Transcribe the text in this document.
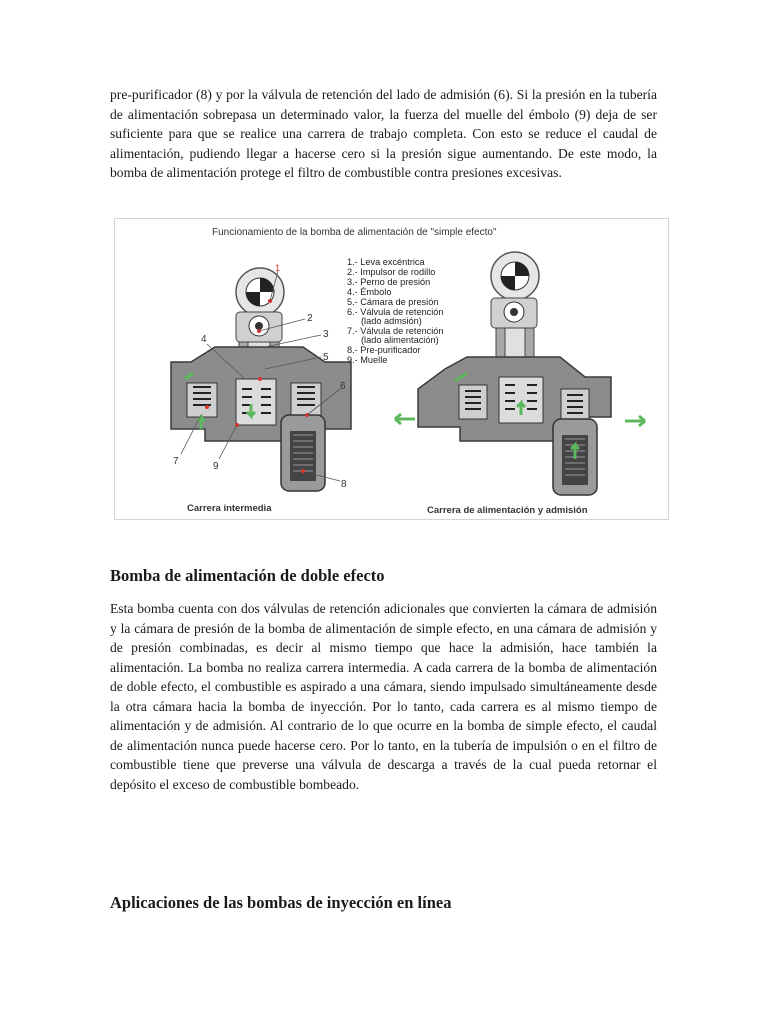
pre-purificador (8) y por la válvula de retención del lado de admisión (6). Si la presión en la tubería de alimentación sobrepasa un determinado valor, la fuerza del muelle del émbolo (9) deja de ser suficiente para que se realice una carrera de trabajo completa. Con esto se reduce el caudal de alimentación, pudiendo llegar a hacerse cero si la presión sigue aumentando. De este modo, la bomba de alimentación protege el filtro de combustible contra presiones excesivas.

Funcionamiento de la bomba de alimentación de "simple efecto"
1
2
3
4
5
6
7
8
9
1.- Leva excéntrica
2.- Impulsor de rodillo
3.- Perno de presión
4.- Émbolo
5.- Cámara de presión
6.- Válvula de retención
(lado admsión)
7.- Válvula de retención
(lado alimentación)
8.- Pre-purificador
9.- Muelle
Carrera intermedia	Carrera de alimentación y admisión
Bomba de alimentación de doble efecto

Esta bomba cuenta con dos válvulas de retención adicionales que convierten la cámara de admisión y la cámara de presión de la bomba de alimentación de simple efecto, en una cámara de admisión y de presión combinadas, es decir al mismo tiempo que hace la admisión, hace también la alimentación. La bomba no realiza carrera intermedia. A cada carrera de la bomba de alimentación de doble efecto, el combustible es aspirado a una cámara, siendo impulsado simultáneamente desde la otra cámara hacia la bomba de inyección. Por lo tanto, cada carrera es al mismo tiempo de alimentación y de admisión. Al contrario de lo que ocurre en la bomba de simple efecto, el caudal de alimentación nunca puede hacerse cero. Por lo tanto, en la tubería de impulsión o en el filtro de combustible tiene que preverse una válvula de descarga a través de la cual pueda retornar el depósito el exceso de combustible bombeado.

Aplicaciones de las bombas de inyección en línea
